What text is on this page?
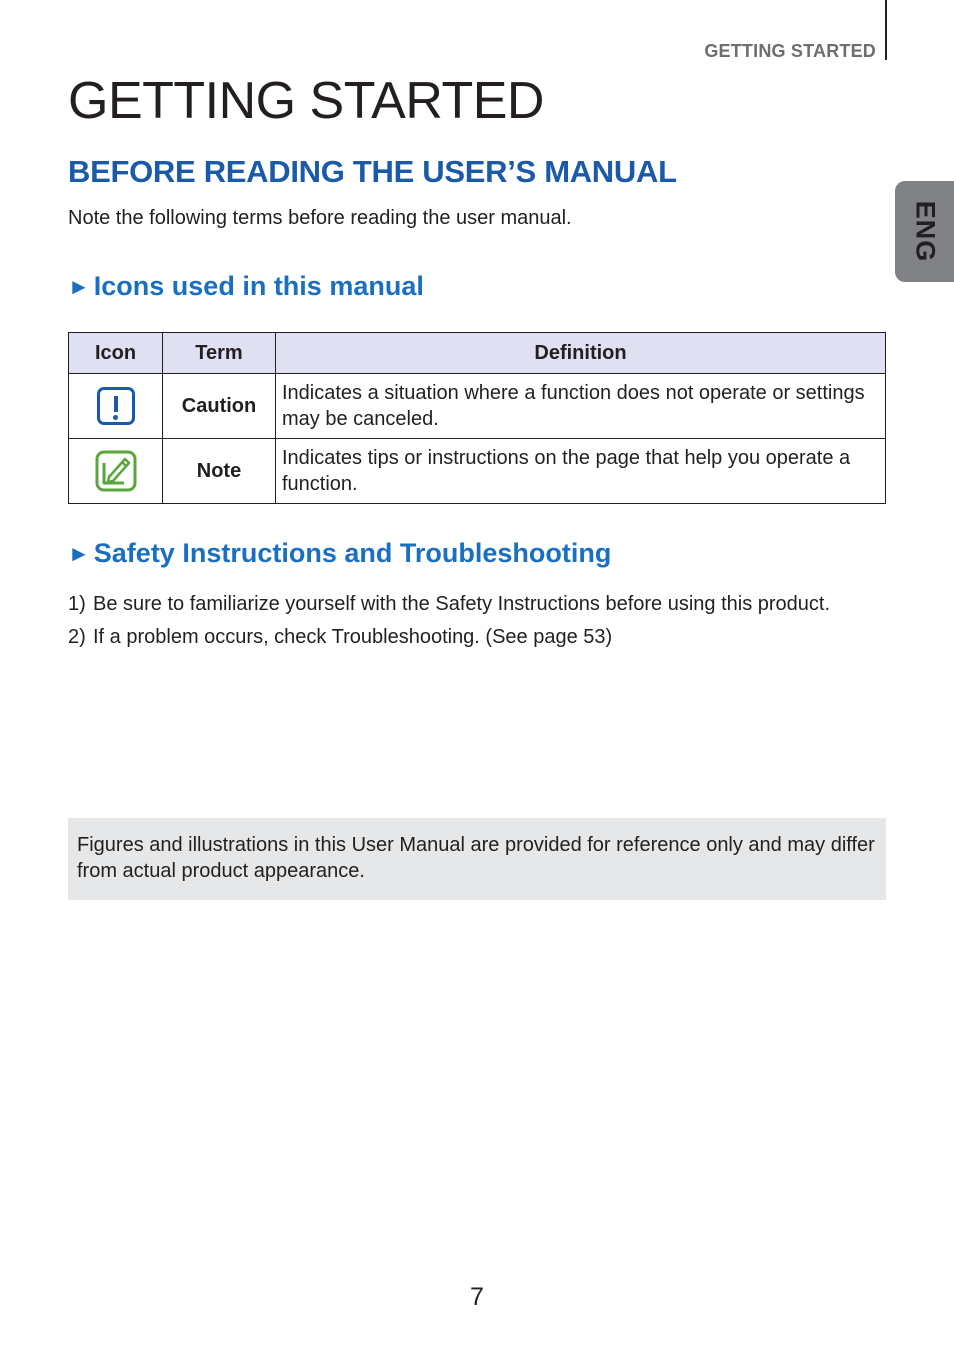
GETTING STARTED
ENG
GETTING STARTED
BEFORE READING THE USER’S MANUAL

Note the following terms before reading the user manual.

► Icons used in this manual
Icon	Term	Definition

	Caution	Indicates a situation where a function does not operate or settings may be canceled.
	Note	Indicates tips or instructions on the page that help you operate a function.
► Safety Instructions and Troubleshooting
1) Be sure to familiarize yourself with the Safety Instructions before using this product.
2) If a problem occurs, check Troubleshooting. (See page 53)
Figures and illustrations in this User Manual are provided for reference only and may differ from actual product appearance.
7
